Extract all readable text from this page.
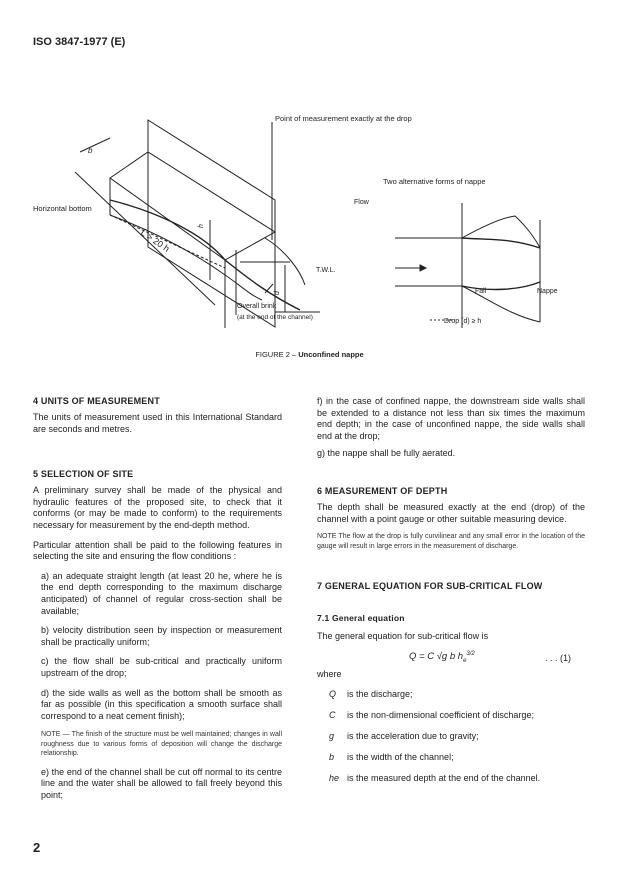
ISO 3847-1977 (E)
Point of measurement exactly at the drop
Horizontal bottom
b
L > 20 h
h
d
T.W.L.
Overall brink
(at the end of the channel)
Two alternative forms of nappe
Flow
Fall	Nappe
Drop (d) ≥ h
FIGURE 2 – Unconfined nappe
4 UNITS OF MEASUREMENT
The units of measurement used in this International Standard are seconds and metres.
5 SELECTION OF SITE
A preliminary survey shall be made of the physical and hydraulic features of the proposed site, to check that it conforms (or may be made to conform) to the requirements necessary for measurement by the end-depth method.
Particular attention shall be paid to the following features in selecting the site and ensuring the flow conditions :
a) an adequate straight length (at least 20 he, where he is the end depth corresponding to the maximum discharge anticipated) of channel of regular cross-section shall be available;
b) velocity distribution seen by inspection or measurement shall be practically uniform;
c) the flow shall be sub-critical and practically uniform upstream of the drop;
d) the side walls as well as the bottom shall be smooth as far as possible (in this specification a smooth surface shall correspond to a neat cement finish);
NOTE — The finish of the structure must be well maintained; changes in wall roughness due to various forms of deposition will change the discharge relationship.
e) the end of the channel shall be cut off normal to its centre line and the water shall be allowed to fall freely beyond this point;
f) in the case of confined nappe, the downstream side walls shall be extended to a distance not less than six times the maximum end depth; in the case of unconfined nappe, the side walls shall end at the drop;
g) the nappe shall be fully aerated.
6 MEASUREMENT OF DEPTH
The depth shall be measured exactly at the end (drop) of the channel with a point gauge or other suitable measuring device.
NOTE The flow at the drop is fully curvilinear and any small error in the location of the gauge will result in large errors in the measurement of discharge.
7 GENERAL EQUATION FOR SUB-CRITICAL FLOW
7.1 General equation
The general equation for sub-critical flow is
Q = C √g b $h_e^{3/2}$	. . . (1)
where
Q is the discharge;
C is the non-dimensional coefficient of discharge;
g is the acceleration due to gravity;
b is the width of the channel;
he is the measured depth at the end of the channel.
2
